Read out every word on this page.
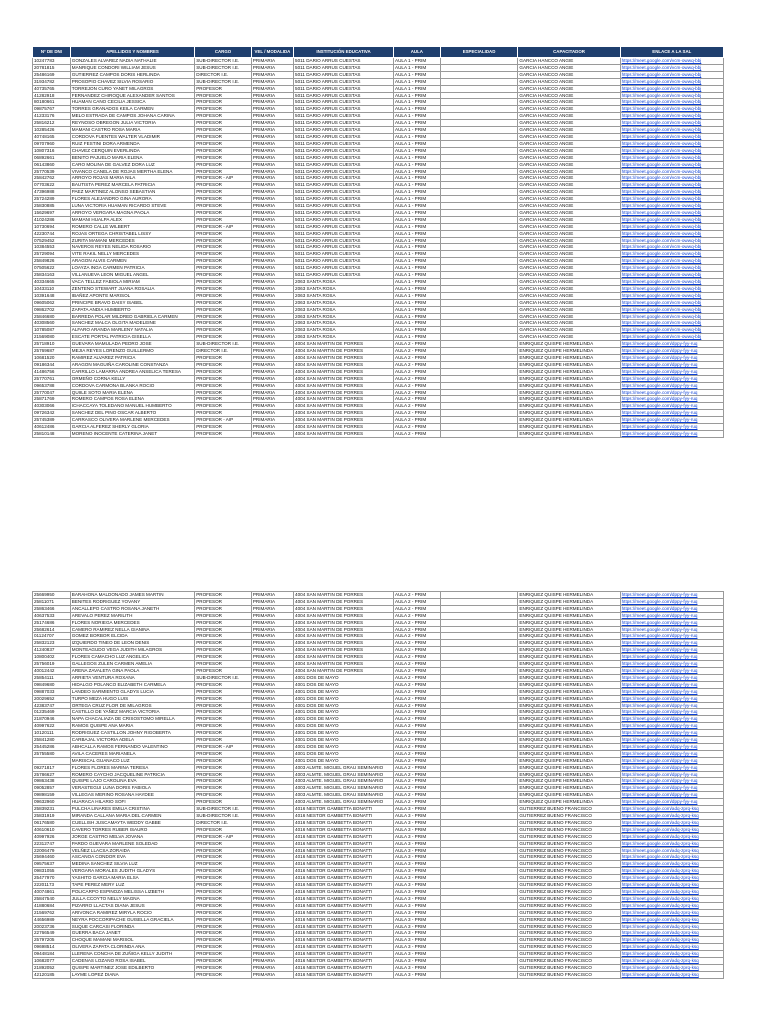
N° DE DNI	APELLIDOS Y NOMBRES	CARGO	VEL / MODALIDA	INSTITUCIÓN EDUCATIVA	AULA	ESPECIALIDAD	CAPACITADOR	ENLACE A LA SAL
10247783	GONZALES ALVAREZ NADIA NATHALIE	SUB-DIRECTOR I.E.	PRIMARIA	5011 DARIO ARRUS CUESTAS	AULA 1 - PRIM		GARCIA HANCCO ANGIE	https://meet.google.com/vcm-owwq-bbj
20781815	MANRIQUE CONDORI WILLIAM JESUS	SUB-DIRECTOR I.E.	PRIMARIA	5011 DARIO ARRUS CUESTAS	AULA 1 - PRIM		GARCIA HANCCO ANGIE	https://meet.google.com/vcm-owwq-bbj
25486169	GUTIERREZ CAMPOS DORIS HERLINDA	DIRECTOR I.E.	PRIMARIA	5011 DARIO ARRUS CUESTAS	AULA 1 - PRIM		GARCIA HANCCO ANGIE	https://meet.google.com/vcm-owwq-bbj
31934782	PROSOPIO CHAVEZ SILVIA ROSARIO	SUB-DIRECTOR I.E.	PRIMARIA	5011 DARIO ARRUS CUESTAS	AULA 1 - PRIM		GARCIA HANCCO ANGIE	https://meet.google.com/vcm-owwq-bbj
40735765	TORREJON CURO YANET MILAGROS	PROFESOR	PRIMARIA	5011 DARIO ARRUS CUESTAS	AULA 1 - PRIM		GARCIA HANCCO ANGIE	https://meet.google.com/vcm-owwq-bbj
41282918	FERNANDEZ CHIROQUE ALEXANDER SANTOS	PROFESOR	PRIMARIA	5011 DARIO ARRUS CUESTAS	AULA 1 - PRIM		GARCIA HANCCO ANGIE	https://meet.google.com/vcm-owwq-bbj
80180661	HUAMAN CANO CECILIA JESSICA	PROFESOR	PRIMARIA	5011 DARIO ARRUS CUESTAS	AULA 1 - PRIM		GARCIA HANCCO ANGIE	https://meet.google.com/vcm-owwq-bbj
09875767	TORRES GRANADOS KEILA CARMEN	PROFESOR	PRIMARIA	5011 DARIO ARRUS CUESTAS	AULA 1 - PRIM		GARCIA HANCCO ANGIE	https://meet.google.com/vcm-owwq-bbj
41233176	MELO ESTRADA DE CAMPOS JOHANA CARINA	PROFESOR	PRIMARIA	5011 DARIO ARRUS CUESTAS	AULA 1 - PRIM		GARCIA HANCCO ANGIE	https://meet.google.com/vcm-owwq-bbj
25816212	REYNOSO OBREGON JULIA VICTORIA	PROFESOR	PRIMARIA	5011 DARIO ARRUS CUESTAS	AULA 1 - PRIM		GARCIA HANCCO ANGIE	https://meet.google.com/vcm-owwq-bbj
10285426	MAMANI CASTRO ROSA MARIA	PROFESOR	PRIMARIA	5011 DARIO ARRUS CUESTAS	AULA 1 - PRIM		GARCIA HANCCO ANGIE	https://meet.google.com/vcm-owwq-bbj
40748165	CORDOVA FUENTES WALTER VLADIMIR	PROFESOR	PRIMARIA	5011 DARIO ARRUS CUESTAS	AULA 1 - PRIM		GARCIA HANCCO ANGIE	https://meet.google.com/vcm-owwq-bbj
09707960	RUIZ FESTINI DORA ARMENDA	PROFESOR	PRIMARIA	5011 DARIO ARRUS CUESTAS	AULA 1 - PRIM		GARCIA HANCCO ANGIE	https://meet.google.com/vcm-owwq-bbj
10807316	CHAVEZ CERQUIN EVERLINDA	PROFESOR	PRIMARIA	5011 DARIO ARRUS CUESTAS	AULA 1 - PRIM		GARCIA HANCCO ANGIE	https://meet.google.com/vcm-owwq-bbj
06892661	BENITO PAJUELO MARIA ELENA	PROFESOR	PRIMARIA	5011 DARIO ARRUS CUESTAS	AULA 1 - PRIM		GARCIA HANCCO ANGIE	https://meet.google.com/vcm-owwq-bbj
06143860	CARO MOLINA DE GALVEZ DORA LUZ	PROFESOR	PRIMARIA	5011 DARIO ARRUS CUESTAS	AULA 1 - PRIM		GARCIA HANCCO ANGIE	https://meet.google.com/vcm-owwq-bbj
25770539	VIVANCO CANELA DE ROJAS MERTHA ELENA	PROFESOR	PRIMARIA	5011 DARIO ARRUS CUESTAS	AULA 1 - PRIM		GARCIA HANCCO ANGIE	https://meet.google.com/vcm-owwq-bbj
25842762	ARROYO ROJAS MARIA NILA	PROFESOR - AIP	PRIMARIA	5011 DARIO ARRUS CUESTAS	AULA 1 - PRIM		GARCIA HANCCO ANGIE	https://meet.google.com/vcm-owwq-bbj
07703622	BAUTISTA PEREZ MARCELA PATRICIA	PROFESOR	PRIMARIA	5011 DARIO ARRUS CUESTAS	AULA 1 - PRIM		GARCIA HANCCO ANGIE	https://meet.google.com/vcm-owwq-bbj
47396988	PAEZ MARTINEZ ALONSO SEBASTIAN	PROFESOR	PRIMARIA	5011 DARIO ARRUS CUESTAS	AULA 1 - PRIM		GARCIA HANCCO ANGIE	https://meet.google.com/vcm-owwq-bbj
25724289	FLORES ALEJANDRO GINA AURORA	PROFESOR	PRIMARIA	5011 DARIO ARRUS CUESTAS	AULA 1 - PRIM		GARCIA HANCCO ANGIE	https://meet.google.com/vcm-owwq-bbj
25830885	LUNA VICTORIA HUAMAN RICARDO STEVE	PROFESOR	PRIMARIA	5011 DARIO ARRUS CUESTAS	AULA 1 - PRIM		GARCIA HANCCO ANGIE	https://meet.google.com/vcm-owwq-bbj
15629697	ARROYO VERGARA MAGNA PAOLA	PROFESOR	PRIMARIA	5011 DARIO ARRUS CUESTAS	AULA 1 - PRIM		GARCIA HANCCO ANGIE	https://meet.google.com/vcm-owwq-bbj
41024286	MAMANI HUALPA ALEX	PROFESOR	PRIMARIA	5011 DARIO ARRUS CUESTAS	AULA 1 - PRIM		GARCIA HANCCO ANGIE	https://meet.google.com/vcm-owwq-bbj
10730694	ROMERO CALLE WILBERT	PROFESOR - AIP	PRIMARIA	5011 DARIO ARRUS CUESTAS	AULA 1 - PRIM		GARCIA HANCCO ANGIE	https://meet.google.com/vcm-owwq-bbj
42230744	ROJAS ORTEGA CHRISTABEL LISSY	PROFESOR	PRIMARIA	5011 DARIO ARRUS CUESTAS	AULA 1 - PRIM		GARCIA HANCCO ANGIE	https://meet.google.com/vcm-owwq-bbj
07529452	ZURITA MAMANI MERCEDES	PROFESOR	PRIMARIA	5011 DARIO ARRUS CUESTAS	AULA 1 - PRIM		GARCIA HANCCO ANGIE	https://meet.google.com/vcm-owwq-bbj
10384553	NAVEROS REYES NELIDA ROSARIO	PROFESOR	PRIMARIA	5011 DARIO ARRUS CUESTAS	AULA 1 - PRIM		GARCIA HANCCO ANGIE	https://meet.google.com/vcm-owwq-bbj
25729094	VITE RAKIL NELLY MERCEDES	PROFESOR	PRIMARIA	5011 DARIO ARRUS CUESTAS	AULA 1 - PRIM		GARCIA HANCCO ANGIE	https://meet.google.com/vcm-owwq-bbj
25849826	ARAGON ALVIS CARMEN	PROFESOR	PRIMARIA	5011 DARIO ARRUS CUESTAS	AULA 1 - PRIM		GARCIA HANCCO ANGIE	https://meet.google.com/vcm-owwq-bbj
07505622	LOAYZA INGA CARMEN PATRICIA	PROFESOR	PRIMARIA	5011 DARIO ARRUS CUESTAS	AULA 1 - PRIM		GARCIA HANCCO ANGIE	https://meet.google.com/vcm-owwq-bbj
25834163	VILLANUEVA LEON MIGUEL ANGEL	PROFESOR	PRIMARIA	5011 DARIO ARRUS CUESTAS	AULA 1 - PRIM		GARCIA HANCCO ANGIE	https://meet.google.com/vcm-owwq-bbj
40334665	VACA TELLEZ FABIOLA MIRIAM	PROFESOR	PRIMARIA	2063 SANTA ROSA	AULA 1 - PRIM		GARCIA HANCCO ANGIE	https://meet.google.com/vcm-owwq-bbj
10433110	ZENTENO STEWART JUANA ROSALIA	PROFESOR	PRIMARIA	2063 SANTA ROSA	AULA 1 - PRIM		GARCIA HANCCO ANGIE	https://meet.google.com/vcm-owwq-bbj
10391648	IBAÑEZ APONTE MARISOL	PROFESOR	PRIMARIA	2063 SANTA ROSA	AULA 1 - PRIM		GARCIA HANCCO ANGIE	https://meet.google.com/vcm-owwq-bbj
09605062	PRINCIPE BRAVO DAISY ISABEL	PROFESOR	PRIMARIA	2063 SANTA ROSA	AULA 1 - PRIM		GARCIA HANCCO ANGIE	https://meet.google.com/vcm-owwq-bbj
09862702	ZAPATA ANDIA HUMBERTO	PROFESOR	PRIMARIA	2063 SANTA ROSA	AULA 1 - PRIM		GARCIA HANCCO ANGIE	https://meet.google.com/vcm-owwq-bbj
25846680	BARREDA POLAR MILDRED GABRIELA CARMEN	PROFESOR	PRIMARIA	2063 SANTA ROSA	AULA 1 - PRIM		GARCIA HANCCO ANGIE	https://meet.google.com/vcm-owwq-bbj
40308560	SANCHEZ MALCA OLGITA MADELEINE	PROFESOR	PRIMARIA	2063 SANTA ROSA	AULA 1 - PRIM		GARCIA HANCCO ANGIE	https://meet.google.com/vcm-owwq-bbj
10785087	ALFARO ARANDA MARLENY NATALIA	PROFESOR	PRIMARIA	2063 SANTA ROSA	AULA 1 - PRIM		GARCIA HANCCO ANGIE	https://meet.google.com/vcm-owwq-bbj
21569080	ESCATE PORTAL PATRICIA GISELLA	PROFESOR	PRIMARIA	2063 SANTA ROSA	AULA 1 - PRIM		GARCIA HANCCO ANGIE	https://meet.google.com/vcm-owwq-bbj
25718910	GUEVARA MAMULADA PEDRO JOSE	SUB-DIRECTOR I.E.	PRIMARIA	4004 SAN MARTIN DE PORRES	AULA 2 - PRIM		ENRIQUEZ QUISPE HERMELINDA	https://meet.google.com/dppy-fyy-ruq
25769687	MEJIA REYES LORENZO GUILLERMO	DIRECTOR I.E.	PRIMARIA	4004 SAN MARTIN DE PORRES	AULA 2 - PRIM		ENRIQUEZ QUISPE HERMELINDA	https://meet.google.com/dppy-fyy-ruq
10681520	RAMIREZ ALVAREZ PATRICIA	PROFESOR	PRIMARIA	4004 SAN MARTIN DE PORRES	AULA 2 - PRIM		ENRIQUEZ QUISPE HERMELINDA	https://meet.google.com/dppy-fyy-ruq
09186344	ARAGON MAGUIÑA CAROLINE CONSTANZA	PROFESOR	PRIMARIA	4004 SAN MARTIN DE PORRES	AULA 2 - PRIM		ENRIQUEZ QUISPE HERMELINDA	https://meet.google.com/dppy-fyy-ruq
41486756	CARRILLO LAMARRA ANDREA ANSELICA TERESA	PROFESOR	PRIMARIA	4004 SAN MARTIN DE PORRES	AULA 2 - PRIM		ENRIQUEZ QUISPE HERMELINDA	https://meet.google.com/dppy-fyy-ruq
25770761	ORMEÑO CORNA KELLY	PROFESOR	PRIMARIA	4004 SAN MARTIN DE PORRES	AULA 2 - PRIM		ENRIQUEZ QUISPE HERMELINDA	https://meet.google.com/dppy-fyy-ruq
09653788	CORDOVA CARMONA BLANKA ROCIO	PROFESOR	PRIMARIA	4004 SAN MARTIN DE PORRES	AULA 2 - PRIM		ENRIQUEZ QUISPE HERMELINDA	https://meet.google.com/dppy-fyy-ruq
25770047	QUIILE SOTO MARIA ELENA	PROFESOR	PRIMARIA	4004 SAN MARTIN DE PORRES	AULA 2 - PRIM		ENRIQUEZ QUISPE HERMELINDA	https://meet.google.com/dppy-fyy-ruq
25871769	ROMERO CAMPOS ROSA ELENA	PROFESOR	PRIMARIA	4004 SAN MARTIN DE PORRES	AULA 2 - PRIM		ENRIQUEZ QUISPE HERMELINDA	https://meet.google.com/dppy-fyy-ruq
40303066	ICHACCAYA TOLEDANO MANUEL HUMBERTO	PROFESOR	PRIMARIA	4004 SAN MARTIN DE PORRES	AULA 2 - PRIM		ENRIQUEZ QUISPE HERMELINDA	https://meet.google.com/dppy-fyy-ruq
09726342	SANCHEZ DEL PINO OSCAR ALBERTO	PROFESOR	PRIMARIA	4004 SAN MARTIN DE PORRES	AULA 2 - PRIM		ENRIQUEZ QUISPE HERMELINDA	https://meet.google.com/dppy-fyy-ruq
25745389	CARRASCO OLIVERA MARLENE MERCEDES	PROFESOR - AIP	PRIMARIA	4004 SAN MARTIN DE PORRES	AULA 2 - PRIM		ENRIQUEZ QUISPE HERMELINDA	https://meet.google.com/dppy-fyy-ruq
40612486	GARCIA ALFEREZ SHERLY GLORIA	PROFESOR	PRIMARIA	4004 SAN MARTIN DE PORRES	AULA 2 - PRIM		ENRIQUEZ QUISPE HERMELINDA	https://meet.google.com/dppy-fyy-ruq
25810148	MORENO INOCENTE CATERINA JANET	PROFESOR	PRIMARIA	4004 SAN MARTIN DE PORRES	AULA 2 - PRIM		ENRIQUEZ QUISPE HERMELINDA	https://meet.google.com/dppy-fyy-ruq
25669950	BARAHONA MALDONADO JAMES MARTIN	PROFESOR	PRIMARIA	4004 SAN MARTIN DE PORRES	AULA 2 - PRIM		ENRIQUEZ QUISPE HERMELINDA	https://meet.google.com/dppy-fyy-ruq
25811071	BENITES RODRIGUEZ YOVANY	PROFESOR	PRIMARIA	4004 SAN MARTIN DE PORRES	AULA 2 - PRIM		ENRIQUEZ QUISPE HERMELINDA	https://meet.google.com/dppy-fyy-ruq
25863466	ANCALLEPO CASTRO ROSANA JANETH	PROFESOR	PRIMARIA	4004 SAN MARTIN DE PORRES	AULA 2 - PRIM		ENRIQUEZ QUISPE HERMELINDA	https://meet.google.com/dppy-fyy-ruq
40637533	AREVALO PEREZ MARILITH	PROFESOR	PRIMARIA	4004 SAN MARTIN DE PORRES	AULA 2 - PRIM		ENRIQUEZ QUISPE HERMELINDA	https://meet.google.com/dppy-fyy-ruq
25174686	FLORES NORIEGA MERCEDES	PROFESOR	PRIMARIA	4004 SAN MARTIN DE PORRES	AULA 2 - PRIM		ENRIQUEZ QUISPE HERMELINDA	https://meet.google.com/dppy-fyy-ruq
25682614	CAMERO RAMIREZ NELLA GIANINA	PROFESOR	PRIMARIA	4004 SAN MARTIN DE PORRES	AULA 2 - PRIM		ENRIQUEZ QUISPE HERMELINDA	https://meet.google.com/dppy-fyy-ruq
01124707	GOMEZ BORBOR ELCIDA	PROFESOR	PRIMARIA	4004 SAN MARTIN DE PORRES	AULA 2 - PRIM		ENRIQUEZ QUISPE HERMELINDA	https://meet.google.com/dppy-fyy-ruq
25832123	IZQUIERDO TINEO DE LEON DENIS	PROFESOR	PRIMARIA	4004 SAN MARTIN DE PORRES	AULA 2 - PRIM		ENRIQUEZ QUISPE HERMELINDA	https://meet.google.com/dppy-fyy-ruq
41240837	MONTEAGUDO VEGA JUDITH MILAGROS	PROFESOR	PRIMARIA	4004 SAN MARTIN DE PORRES	AULA 2 - PRIM		ENRIQUEZ QUISPE HERMELINDA	https://meet.google.com/dppy-fyy-ruq
10800402	FLORES CAMACHO LUZ ANGELICA	PROFESOR	PRIMARIA	4004 SAN MARTIN DE PORRES	AULA 2 - PRIM		ENRIQUEZ QUISPE HERMELINDA	https://meet.google.com/dppy-fyy-ruq
25756019	GALLEGOS ZULEN CARMEN AMELIA	PROFESOR	PRIMARIA	4004 SAN MARTIN DE PORRES	AULA 2 - PRIM		ENRIQUEZ QUISPE HERMELINDA	https://meet.google.com/dppy-fyy-ruq
40012442	ARENA ZAVALETA GINA PAOLA	PROFESOR	PRIMARIA	4004 SAN MARTIN DE PORRES	AULA 2 - PRIM		ENRIQUEZ QUISPE HERMELINDA	https://meet.google.com/dppy-fyy-ruq
25854111	ARRIETA VENTURA ROXANA	SUB-DIRECTOR I.E.	PRIMARIA	4001 DOS DE MAYO	AULA 2 - PRIM		ENRIQUEZ QUISPE HERMELINDA	https://meet.google.com/dppy-fyy-ruq
09849680	HIDALGO POLANCO ELIZABETH CARMELA	PROFESOR	PRIMARIA	4001 DOS DE MAYO	AULA 2 - PRIM		ENRIQUEZ QUISPE HERMELINDA	https://meet.google.com/dppy-fyy-ruq
09887033	LANDEO SARMIENTO GLADYS LUCIA	PROFESOR	PRIMARIA	4001 DOS DE MAYO	AULA 2 - PRIM		ENRIQUEZ QUISPE HERMELINDA	https://meet.google.com/dppy-fyy-ruq
20029652	TURPO MEZA HUGO LUIS	PROFESOR	PRIMARIA	4001 DOS DE MAYO	AULA 2 - PRIM		ENRIQUEZ QUISPE HERMELINDA	https://meet.google.com/dppy-fyy-ruq
42383747	ORTEGA CRUZ FLOR DE MILAGROS	PROFESOR	PRIMARIA	4001 DOS DE MAYO	AULA 2 - PRIM		ENRIQUEZ QUISPE HERMELINDA	https://meet.google.com/dppy-fyy-ruq
01235469	CASTILLO DE YAÑEZ MARCIA VICTORIA	PROFESOR	PRIMARIA	4001 DOS DE MAYO	AULA 2 - PRIM		ENRIQUEZ QUISPE HERMELINDA	https://meet.google.com/dppy-fyy-ruq
21870946	NAPA CHACALIAZA DE CRISOSTOMO MIRELLA	PROFESOR	PRIMARIA	4001 DOS DE MAYO	AULA 2 - PRIM		ENRIQUEZ QUISPE HERMELINDA	https://meet.google.com/dppy-fyy-ruq
40997622	RAMOS QUISPE ANA MARIA	PROFESOR	PRIMARIA	4001 DOS DE MAYO	AULA 2 - PRIM		ENRIQUEZ QUISPE HERMELINDA	https://meet.google.com/dppy-fyy-ruq
10120111	RODRIGUEZ CASTILLON JOHNY RIGOBERTA	PROFESOR	PRIMARIA	4001 DOS DE MAYO	AULA 2 - PRIM		ENRIQUEZ QUISPE HERMELINDA	https://meet.google.com/dppy-fyy-ruq
25841280	CARBAJAL VICTORIA ADELA	PROFESOR	PRIMARIA	4001 DOS DE MAYO	AULA 2 - PRIM		ENRIQUEZ QUISPE HERMELINDA	https://meet.google.com/dppy-fyy-ruq
25445286	ABHCALLA RAMOS FERNANDO VALENTINO	PROFESOR - AIP	PRIMARIA	4001 DOS DE MAYO	AULA 2 - PRIM		ENRIQUEZ QUISPE HERMELINDA	https://meet.google.com/dppy-fyy-ruq
25755580	AVILA CACERES MARIANELA	PROFESOR	PRIMARIA	4001 DOS DE MAYO	AULA 2 - PRIM		ENRIQUEZ QUISPE HERMELINDA	https://meet.google.com/dppy-fyy-ruq
	MARISCAL GUANACO LUZ	PROFESOR	PRIMARIA	4001 DOS DE MAYO	AULA 2 - PRIM		ENRIQUEZ QUISPE HERMELINDA	https://meet.google.com/dppy-fyy-ruq
09271817	FLORES FLORES MARINA TERESA	PROFESOR	PRIMARIA	4003 ALMTE. MIGUEL GRAU SEMINARIO	AULA 2 - PRIM		ENRIQUEZ QUISPE HERMELINDA	https://meet.google.com/dppy-fyy-ruq
25786627	ROMERO CAYCHO JACQUELINE PATRICIA	PROFESOR	PRIMARIA	4003 ALMTE. MIGUEL GRAU SEMINARIO	AULA 2 - PRIM		ENRIQUEZ QUISPE HERMELINDA	https://meet.google.com/dppy-fyy-ruq
09863438	QUISPE LAJO CAROLINA EVA	PROFESOR	PRIMARIA	4003 ALMTE. MIGUEL GRAU SEMINARIO	AULA 2 - PRIM		ENRIQUEZ QUISPE HERMELINDA	https://meet.google.com/dppy-fyy-ruq
09052857	VERASTEGUI LUNA DORIS FABIOLA	PROFESOR	PRIMARIA	4003 ALMTE. MIGUEL GRAU SEMINARIO	AULA 2 - PRIM		ENRIQUEZ QUISPE HERMELINDA	https://meet.google.com/dppy-fyy-ruq
09898159	VILLEGAS MERINO ROSANA HAYDEE	PROFESOR	PRIMARIA	4003 ALMTE. MIGUEL GRAU SEMINARIO	AULA 2 - PRIM		ENRIQUEZ QUISPE HERMELINDA	https://meet.google.com/dppy-fyy-ruq
09632960	HUARACA HILARIO SOFI	PROFESOR	PRIMARIA	4003 ALMTE. MIGUEL GRAU SEMINARIO	AULA 2 - PRIM		ENRIQUEZ QUISPE HERMELINDA	https://meet.google.com/dppy-fyy-ruq
25839231	PULCHA LINARES EMILIA CRISTINA	SUB-DIRECTOR I.E.	PRIMARIA	4016 NESTOR GAMBETTA BONATTI	AULA 3 - PRIM		GUTIERREZ BUENO FRANCISCO	https://meet.google.com/adq-zprq-ksq
25831919	MIRANDA CALLANA MARIA DEL CARMEN	SUB-DIRECTOR I.E.	PRIMARIA	4016 NESTOR GAMBETTA BONATTI	AULA 3 - PRIM		GUTIERREZ BUENO FRANCISCO	https://meet.google.com/adq-zprq-ksq
06176580	CUELLISH JUSCAMAYTA WEDDY GABBE	DIRECTOR I.E.	PRIMARIA	4016 NESTOR GAMBETTA BONATTI	AULA 3 - PRIM		GUTIERREZ BUENO FRANCISCO	https://meet.google.com/adq-zprq-ksq
40610610	CAVERO TORRES RUBER ISAURO	PROFESOR	PRIMARIA	4016 NESTOR GAMBETTA BONATTI	AULA 3 - PRIM		GUTIERREZ BUENO FRANCISCO	https://meet.google.com/adq-zprq-ksq
40997926	JORGE CASTRO MELVA JOVANA	PROFESOR - AIP	PRIMARIA	4016 NESTOR GAMBETTA BONATTI	AULA 3 - PRIM		GUTIERREZ BUENO FRANCISCO	https://meet.google.com/adq-zprq-ksq
22312747	PARDO GUEVARA MARLENE SOLEDAD	PROFESOR	PRIMARIA	4016 NESTOR GAMBETTA BONATTI	AULA 3 - PRIM		GUTIERREZ BUENO FRANCISCO	https://meet.google.com/adq-zprq-ksq
22006479	VELÑEZ LLACSA ZORAIDA	PROFESOR	PRIMARIA	4016 NESTOR GAMBETTA BONATTI	AULA 3 - PRIM		GUTIERREZ BUENO FRANCISCO	https://meet.google.com/adq-zprq-ksq
25694460	ASCANOA CONDOR EVA	PROFESOR	PRIMARIA	4016 NESTOR GAMBETTA BONATTI	AULA 3 - PRIM		GUTIERREZ BUENO FRANCISCO	https://meet.google.com/adq-zprq-ksq
09575637	MEDINA SANCHEZ SILVIA LUZ	PROFESOR	PRIMARIA	4016 NESTOR GAMBETTA BONATTI	AULA 3 - PRIM		GUTIERREZ BUENO FRANCISCO	https://meet.google.com/adq-zprq-ksq
09831055	VERGARA MORALES JUDITH GLADYS	PROFESOR	PRIMARIA	4016 NESTOR GAMBETTA BONATTI	AULA 3 - PRIM		GUTIERREZ BUENO FRANCISCO	https://meet.google.com/adq-zprq-ksq
25477970	YASHITO GARCIA MARIA ELSA	PROFESOR	PRIMARIA	4016 NESTOR GAMBETTA BONATTI	AULA 3 - PRIM		GUTIERREZ BUENO FRANCISCO	https://meet.google.com/adq-zprq-ksq
22201173	TAPE PEREZ MERY LUZ	PROFESOR	PRIMARIA	4016 NESTOR GAMBETTA BONATTI	AULA 3 - PRIM		GUTIERREZ BUENO FRANCISCO	https://meet.google.com/adq-zprq-ksq
40074861	POLICARPO ESPINOZA MELISSA LIZBETH	PROFESOR	PRIMARIA	4016 NESTOR GAMBETTA BONATTI	AULA 3 - PRIM		GUTIERREZ BUENO FRANCISCO	https://meet.google.com/adq-zprq-ksq
25847540	JULLA CCOYTO NELLY MAGNA	PROFESOR	PRIMARIA	4016 NESTOR GAMBETTA BONATTI	AULA 3 - PRIM		GUTIERREZ BUENO FRANCISCO	https://meet.google.com/adq-zprq-ksq
41880684	PIZARRO LLACTAS DIANA JESUS	PROFESOR	PRIMARIA	4016 NESTOR GAMBETTA BONATTI	AULA 3 - PRIM		GUTIERREZ BUENO FRANCISCO	https://meet.google.com/adq-zprq-ksq
21569762	ARIVONCA RAMIREZ MIRYLA ROCIO	PROFESOR	PRIMARIA	4016 NESTOR GAMBETTA BONATTI	AULA 3 - PRIM		GUTIERREZ BUENO FRANCISCO	https://meet.google.com/adq-zprq-ksq
44656989	NEYRA POCCORIPACHE GUISELLA GRACIELA	PROFESOR	PRIMARIA	4016 NESTOR GAMBETTA BONATTI	AULA 3 - PRIM		GUTIERREZ BUENO FRANCISCO	https://meet.google.com/adq-zprq-ksq
20023736	SUQUE CARCASI FLORINDA	PROFESOR	PRIMARIA	4016 NESTOR GAMBETTA BONATTI	AULA 3 - PRIM		GUTIERREZ BUENO FRANCISCO	https://meet.google.com/adq-zprq-ksq
22766549	GUERRA BACA JANET	PROFESOR	PRIMARIA	4016 NESTOR GAMBETTA BONATTI	AULA 3 - PRIM		GUTIERREZ BUENO FRANCISCO	https://meet.google.com/adq-zprq-ksq
25797205	CHOQUE MAMANI MARISOL	PROFESOR	PRIMARIA	4016 NESTOR GAMBETTA BONATTI	AULA 3 - PRIM		GUTIERREZ BUENO FRANCISCO	https://meet.google.com/adq-zprq-ksq
09698514	OLIVERA ZAPATA CLORINDA ANA	PROFESOR	PRIMARIA	4016 NESTOR GAMBETTA BONATTI	AULA 3 - PRIM		GUTIERREZ BUENO FRANCISCO	https://meet.google.com/adq-zprq-ksq
09448184	LLERENA CONCHA DE ZUÑIGA KELLY JUDITH	PROFESOR	PRIMARIA	4016 NESTOR GAMBETTA BONATTI	AULA 3 - PRIM		GUTIERREZ BUENO FRANCISCO	https://meet.google.com/adq-zprq-ksq
10682077	CADENAS LOZANO ROSA ISABEL	PROFESOR	PRIMARIA	4016 NESTOR GAMBETTA BONATTI	AULA 3 - PRIM		GUTIERREZ BUENO FRANCISCO	https://meet.google.com/adq-zprq-ksq
21892052	QUISPE MARTINEZ JOSE EDILBERTO	PROFESOR	PRIMARIA	4016 NESTOR GAMBETTA BONATTI	AULA 3 - PRIM		GUTIERREZ BUENO FRANCISCO	https://meet.google.com/adq-zprq-ksq
42120185	LAYME LOPEZ DIANA	PROFESOR	PRIMARIA	4016 NESTOR GAMBETTA BONATTI	AULA 3 - PRIM		GUTIERREZ BUENO FRANCISCO	https://meet.google.com/adq-zprq-ksq
